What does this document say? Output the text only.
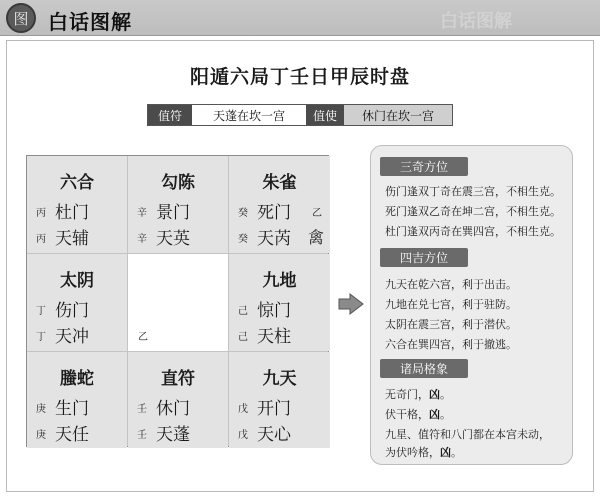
图 白话图解	白话图解
阳遁六局丁壬日甲辰时盘
值符	天蓬在坎一宫	值使	休门在坎一宫
六合
丙 杜门
丙 天辅
勾陈
辛 景门
辛 天英
朱雀
癸 死门 乙
癸 天芮 禽
太阴
丁 伤门
丁 天冲	乙
九地
己 惊门
己 天柱
螣蛇
庚 生门
庚 天任
直符
壬 休门
壬 天蓬
九天
戊 开门
戊 天心
三奇方位
伤门逢双丁奇在震三宫，不相生克。
死门逢双乙奇在坤二宫，不相生克。
杜门逢双丙奇在巽四宫，不相生克。
四吉方位
九天在乾六宫，利于出击。
九地在兑七宫，利于驻防。
太阴在震三宫，利于潜伏。
六合在巽四宫，利于撤逃。
诸局格象
无奇门，凶。
伏干格，凶。
九星、值符和八门都在本宫未动，
为伏吟格，凶。
